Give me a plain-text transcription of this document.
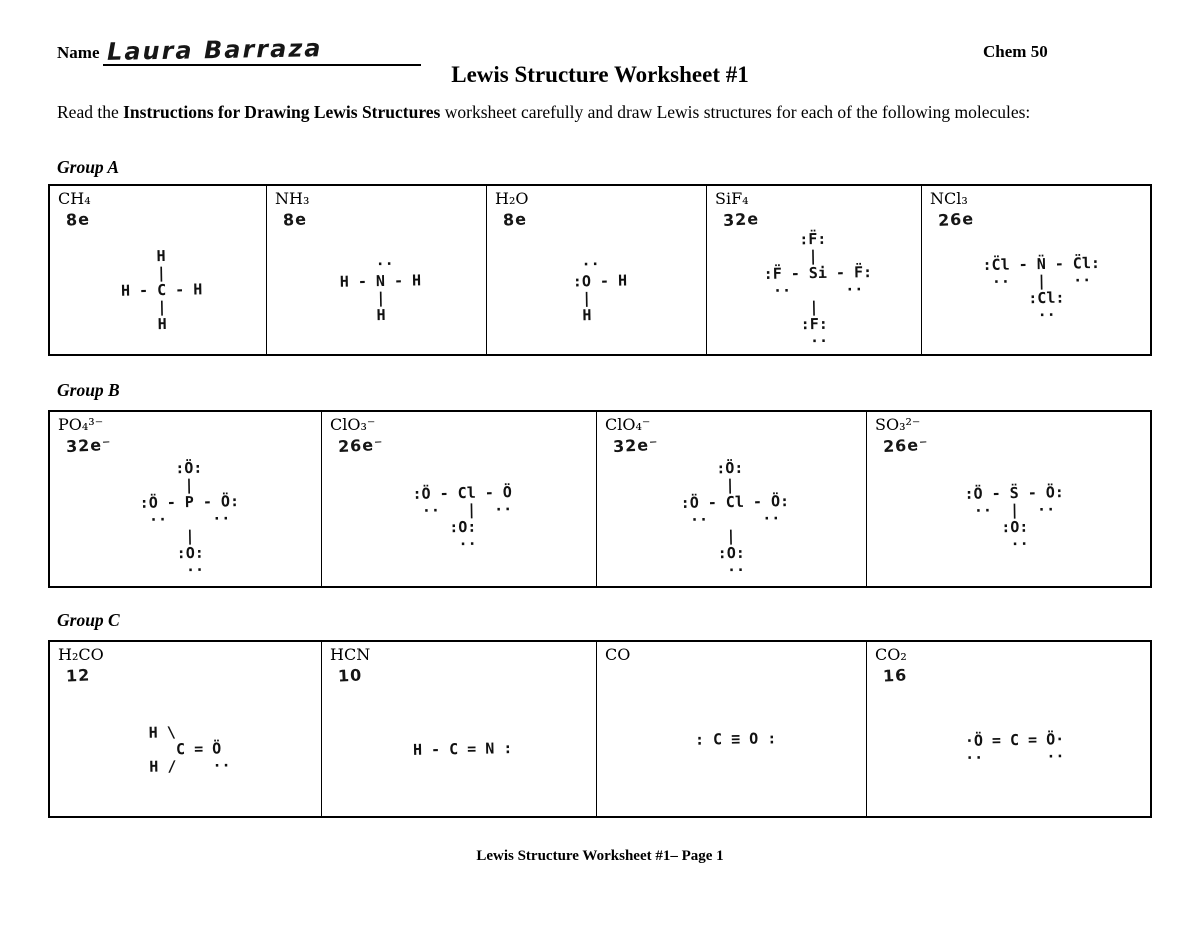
Name Laura Barraza	Chem 50
Lewis Structure Worksheet #1
Read the Instructions for Drawing Lewis Structures worksheet carefully and draw Lewis structures for each of the following molecules:
Group A
CH₄
8e
H
|
H - C - H
|
H
NH₃
8e
··
H - N - H
|
H
H₂O
8e
··
:O - H
|
H
SiF₄
32e
:F̈:
|
:F̈ - Si - F̈:
··      ··
|
:F:
··
NCl₃
26e
:C̈l - N̈ - C̈l:
··   |   ··
:Cl:
··
Group B
PO₄³⁻
32e⁻
:Ö:
|
:Ö - P - Ö:
··     ··
|
:O:
··
ClO₃⁻
26e⁻
:Ö - Cl - Ö
··   |  ··
:O:
··
ClO₄⁻
32e⁻
:Ö:
|
:Ö - Cl - Ö:
··      ··
|
:O:
··
SO₃²⁻
26e⁻
:Ö - S̈ - Ö:
··  |  ··
:O:
··
Group C
H₂CO
12
H \
C = Ö
H /    ··
HCN
10
H - C = N :
CO
: C ≡ O :
CO₂
16
·Ö = C = Ö·
··       ··
Lewis Structure Worksheet #1– Page 1
